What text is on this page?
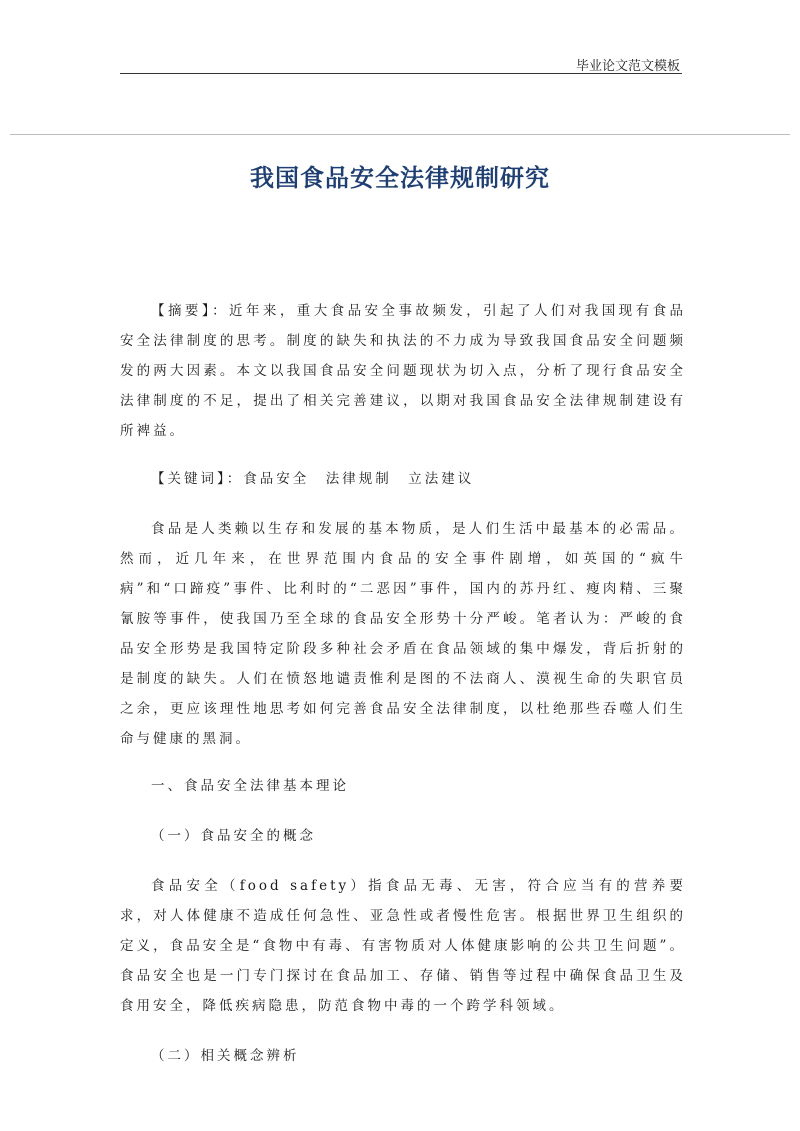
毕业论文范文模板
我国食品安全法律规制研究

【摘要】：近年来，重大食品安全事故频发，引起了人们对我国现有食品安全法律制度的思考。制度的缺失和执法的不力成为导致我国食品安全问题频发的两大因素。本文以我国食品安全问题现状为切入点，分析了现行食品安全法律制度的不足，提出了相关完善建议，以期对我国食品安全法律规制建设有所裨益。

【关键词】：食品安全　法律规制　立法建议

食品是人类赖以生存和发展的基本物质，是人们生活中最基本的必需品。然而，近几年来，在世界范围内食品的安全事件剧增，如英国的“疯牛病”和“口蹄疫”事件、比利时的“二恶因”事件，国内的苏丹红、瘦肉精、三聚氰胺等事件，使我国乃至全球的食品安全形势十分严峻。笔者认为：严峻的食品安全形势是我国特定阶段多种社会矛盾在食品领域的集中爆发，背后折射的是制度的缺失。人们在愤怒地谴责惟利是图的不法商人、漠视生命的失职官员之余，更应该理性地思考如何完善食品安全法律制度，以杜绝那些吞噬人们生命与健康的黑洞。

一、食品安全法律基本理论

（一）食品安全的概念

食品安全（food safety）指食品无毒、无害，符合应当有的营养要求，对人体健康不造成任何急性、亚急性或者慢性危害。根据世界卫生组织的定义，食品安全是“食物中有毒、有害物质对人体健康影响的公共卫生问题”。食品安全也是一门专门探讨在食品加工、存储、销售等过程中确保食品卫生及食用安全，降低疾病隐患，防范食物中毒的一个跨学科领域。

（二）相关概念辨析
